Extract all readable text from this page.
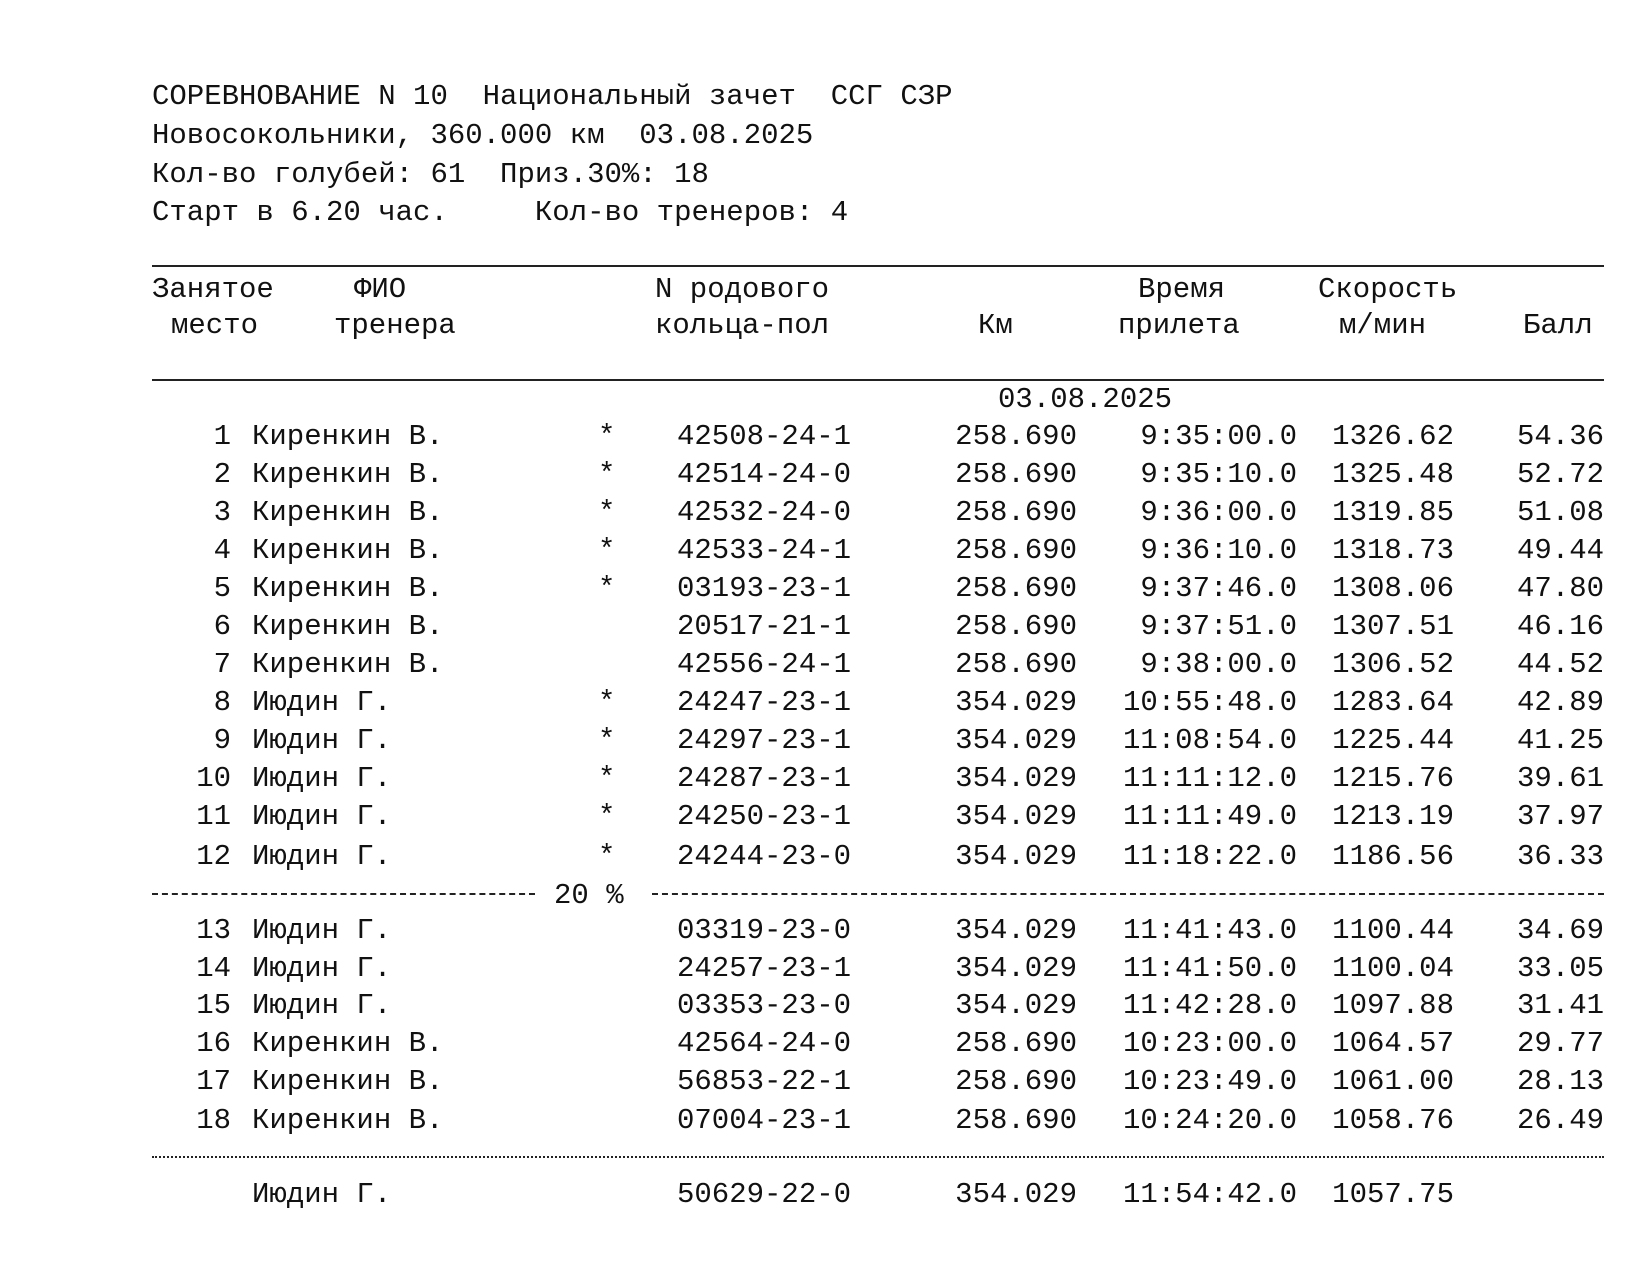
СОРЕВНОВАНИЕ N 10  Национальный зачет  ССГ СЗР
Новосокольники, 360.000 км  03.08.2025
Кол-во голубей: 61  Приз.30%: 18
Старт в 6.20 час.     Кол-во тренеров: 4
Занятое
место
ФИО
тренера
N родового
кольца-пол	Км
Время
прилета
Скорость
м/мин	Балл
03.08.2025
1 Киренкин В.	* 42508-24-1	258.690 9:35:00.0 1326.62 54.36
2 Киренкин В.	* 42514-24-0	258.690 9:35:10.0 1325.48 52.72
3 Киренкин В.	* 42532-24-0	258.690 9:36:00.0 1319.85 51.08
4 Киренкин В.	* 42533-24-1	258.690 9:36:10.0 1318.73 49.44
5 Киренкин В.	* 03193-23-1	258.690 9:37:46.0 1308.06 47.80
6 Киренкин В.	20517-21-1	258.690 9:37:51.0 1307.51 46.16
7 Киренкин В.	42556-24-1	258.690 9:38:00.0 1306.52 44.52
8 Июдин Г.	* 24247-23-1	354.029 10:55:48.0 1283.64 42.89
9 Июдин Г.	* 24297-23-1	354.029 11:08:54.0 1225.44 41.25
10 Июдин Г.	* 24287-23-1	354.029 11:11:12.0 1215.76 39.61
11 Июдин Г.	* 24250-23-1	354.029 11:11:49.0 1213.19 37.97
12 Июдин Г.	* 24244-23-0	354.029 11:18:22.0 1186.56 36.33
20 %
13 Июдин Г.	03319-23-0	354.029 11:41:43.0 1100.44 34.69
14 Июдин Г.	24257-23-1	354.029 11:41:50.0 1100.04 33.05
15 Июдин Г.	03353-23-0	354.029 11:42:28.0 1097.88 31.41
16 Киренкин В.	42564-24-0	258.690 10:23:00.0 1064.57 29.77
17 Киренкин В.	56853-22-1	258.690 10:23:49.0 1061.00 28.13
18 Киренкин В.	07004-23-1	258.690 10:24:20.0 1058.76 26.49
Июдин Г.	50629-22-0	354.029 11:54:42.0 1057.75
